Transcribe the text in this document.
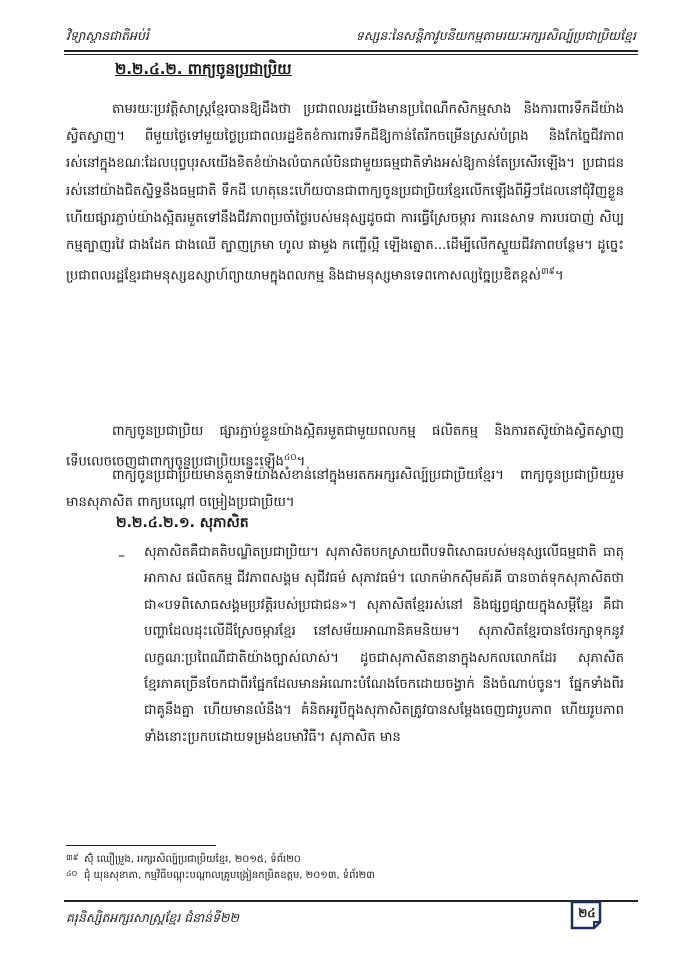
វិទ្យាស្ថានជាតិអប់រំ	ទស្សនៈនៃសន្តិភាវូបនីយកម្មតាមរយៈអក្សរសិល្ប៍ប្រជាប្រិយខ្មែរ
២.២.៤.២. ពាក្យចូនប្រជាប្រិយ

តាមរយៈប្រវត្តិសាស្ត្រខ្មែរបានឱ្យដឹងថា ប្រជាពលរដ្ឋយើងមានប្រពៃណីកសិកម្មសាង និងការពារទឹកដីយ៉ាងស្វិតស្វាញ។ ពីមួយថ្ងៃទៅមួយថ្ងៃប្រជាពលរដ្ឋខិតខំការពារទឹកដីឱ្យកាន់តែរីកចម្រើនស្រស់បំព្រង និងកែច្នៃជីវភាពរស់នៅក្នុងខណៈដែលបុព្វបុរសយើងខិតខំយ៉ាងលំបាកលំបិនជាមួយធម្មជាតិទាំងអស់ឱ្យកាន់តែប្រសើរឡើង។ ប្រជាជនរស់នៅយ៉ាងជិតស្និទ្ធនឹងធម្មជាតិ ទឹកដី ហេតុនេះហើយបានជាពាក្យចូនប្រជាប្រិយខ្មែរលើកឡើងពីអ្វីៗដែលនៅជុំវិញខ្លួន ហើយផ្សារភ្ជាប់យ៉ាងស្អិតរមួតទៅនឹងជីវភាពប្រចាំថ្ងៃរបស់មនុស្សដូចជា ការធ្វើស្រែចម្ការ ការនេសាទ ការបរបាញ់ សិប្បកម្មត្បាញរវៃ ជាងដែក ជាងឈើ ត្បាញក្រមា ហូល ផាមួង កញ្ចើល្អី ឡើងត្នោត...ដើម្បីលើកស្ទួយជីវភាពបន្ថែម។ ដូច្នេះប្រជាពលរដ្ឋខ្មែរជាមនុស្សឧស្សាហ៍ព្យាយាមក្នុងពលកម្ម និងជាមនុស្សមានទេពកោសល្យច្នៃប្រឌិតខ្ពស់$^{៣៩}$។

ពាក្យចូនប្រជាប្រិយ ផ្សារភ្ជាប់ខ្លួនយ៉ាងស្អិតរមួតជាមួយពលកម្ម ផលិតកម្ម និងការតស៊ូយ៉ាងស្វិតស្វាញ ទើបលេចចេញជាពាក្យចូនប្រជាប្រិយនេះឡើង$^{៤០}$។

ពាក្យចូនប្រជាប្រិយមានតួនាទីយ៉ាងសំខាន់នៅក្នុងមរតកអក្សរសិល្ប៍ប្រជាប្រិយខ្មែរ។ ពាក្យចូនប្រជាប្រិយរួមមានសុភាសិត ពាក្យបណ្ដៅ ចម្រៀងប្រជាប្រិយ។

២.២.៤.២.១. សុភាសិត
– សុភាសិតគឺជាគតិបណ្ឌិតប្រជាប្រិយ។ សុភាសិតបកស្រាយពីបទពិសោធរបស់មនុស្សលើធម្មជាតិ ធាតុអាកាស ផលិតកម្ម ជីវភាពសង្គម សុជីវធម៌ សុភាវធម៌។ លោកម៉ាកស៊ីមគ័រគី បានចាត់ទុកសុភាសិតថាជា«បទពិសោធសង្គមប្រវត្តិរបស់ប្រជាជន»។ សុភាសិតខ្មែររស់នៅ និងផ្សព្វផ្សាយក្នុងសម្តីខ្មែរ គឺជាបញ្ហាដែលដុះលើដីស្រែចម្ការខ្មែរ នៅសម័យអាណានិគមនិយម។ សុភាសិតខ្មែរបានថែរក្សាទុកនូវលក្ខណៈប្រពៃណីជាតិយ៉ាងច្បាស់លាស់។ ដូចជាសុភាសិតនានាក្នុងសកលលោកដែរ សុភាសិតខ្មែរភាគច្រើនចែកជាពីរផ្នែកដែលមានអំណោះបំណែងចែកដោយចង្វាក់ និងចំណាប់ចូន។ ផ្នែកទាំងពីរជាគូនឹងគ្នា ហើយមានលំនឹង។ គំនិតអរូបីក្នុងសុភាសិតត្រូវបានសម្តែងចេញជារូបភាព ហើយរូបភាពទាំងនោះប្រកបដោយទម្រង់ឧបមាវិធី។ សុភាសិត មាន

៣៩ ស៊ុំ ឈឿម្រួង, អក្សរសិល្ប៍ប្រជាប្រិយខ្មែរ, ២០១៥, ទំព័រ២០
៤០ ជុំ ឃុនសុខាតា, កម្មវិធីបណ្ដុះបណ្ដាលគ្រូបង្រៀនកម្រិតឧត្តម, ២០១៣, ទំព័រ២៣
គរុនិស្សិតអក្សរសាស្ត្រខ្មែរ ជំនាន់ទី២២	២៤
